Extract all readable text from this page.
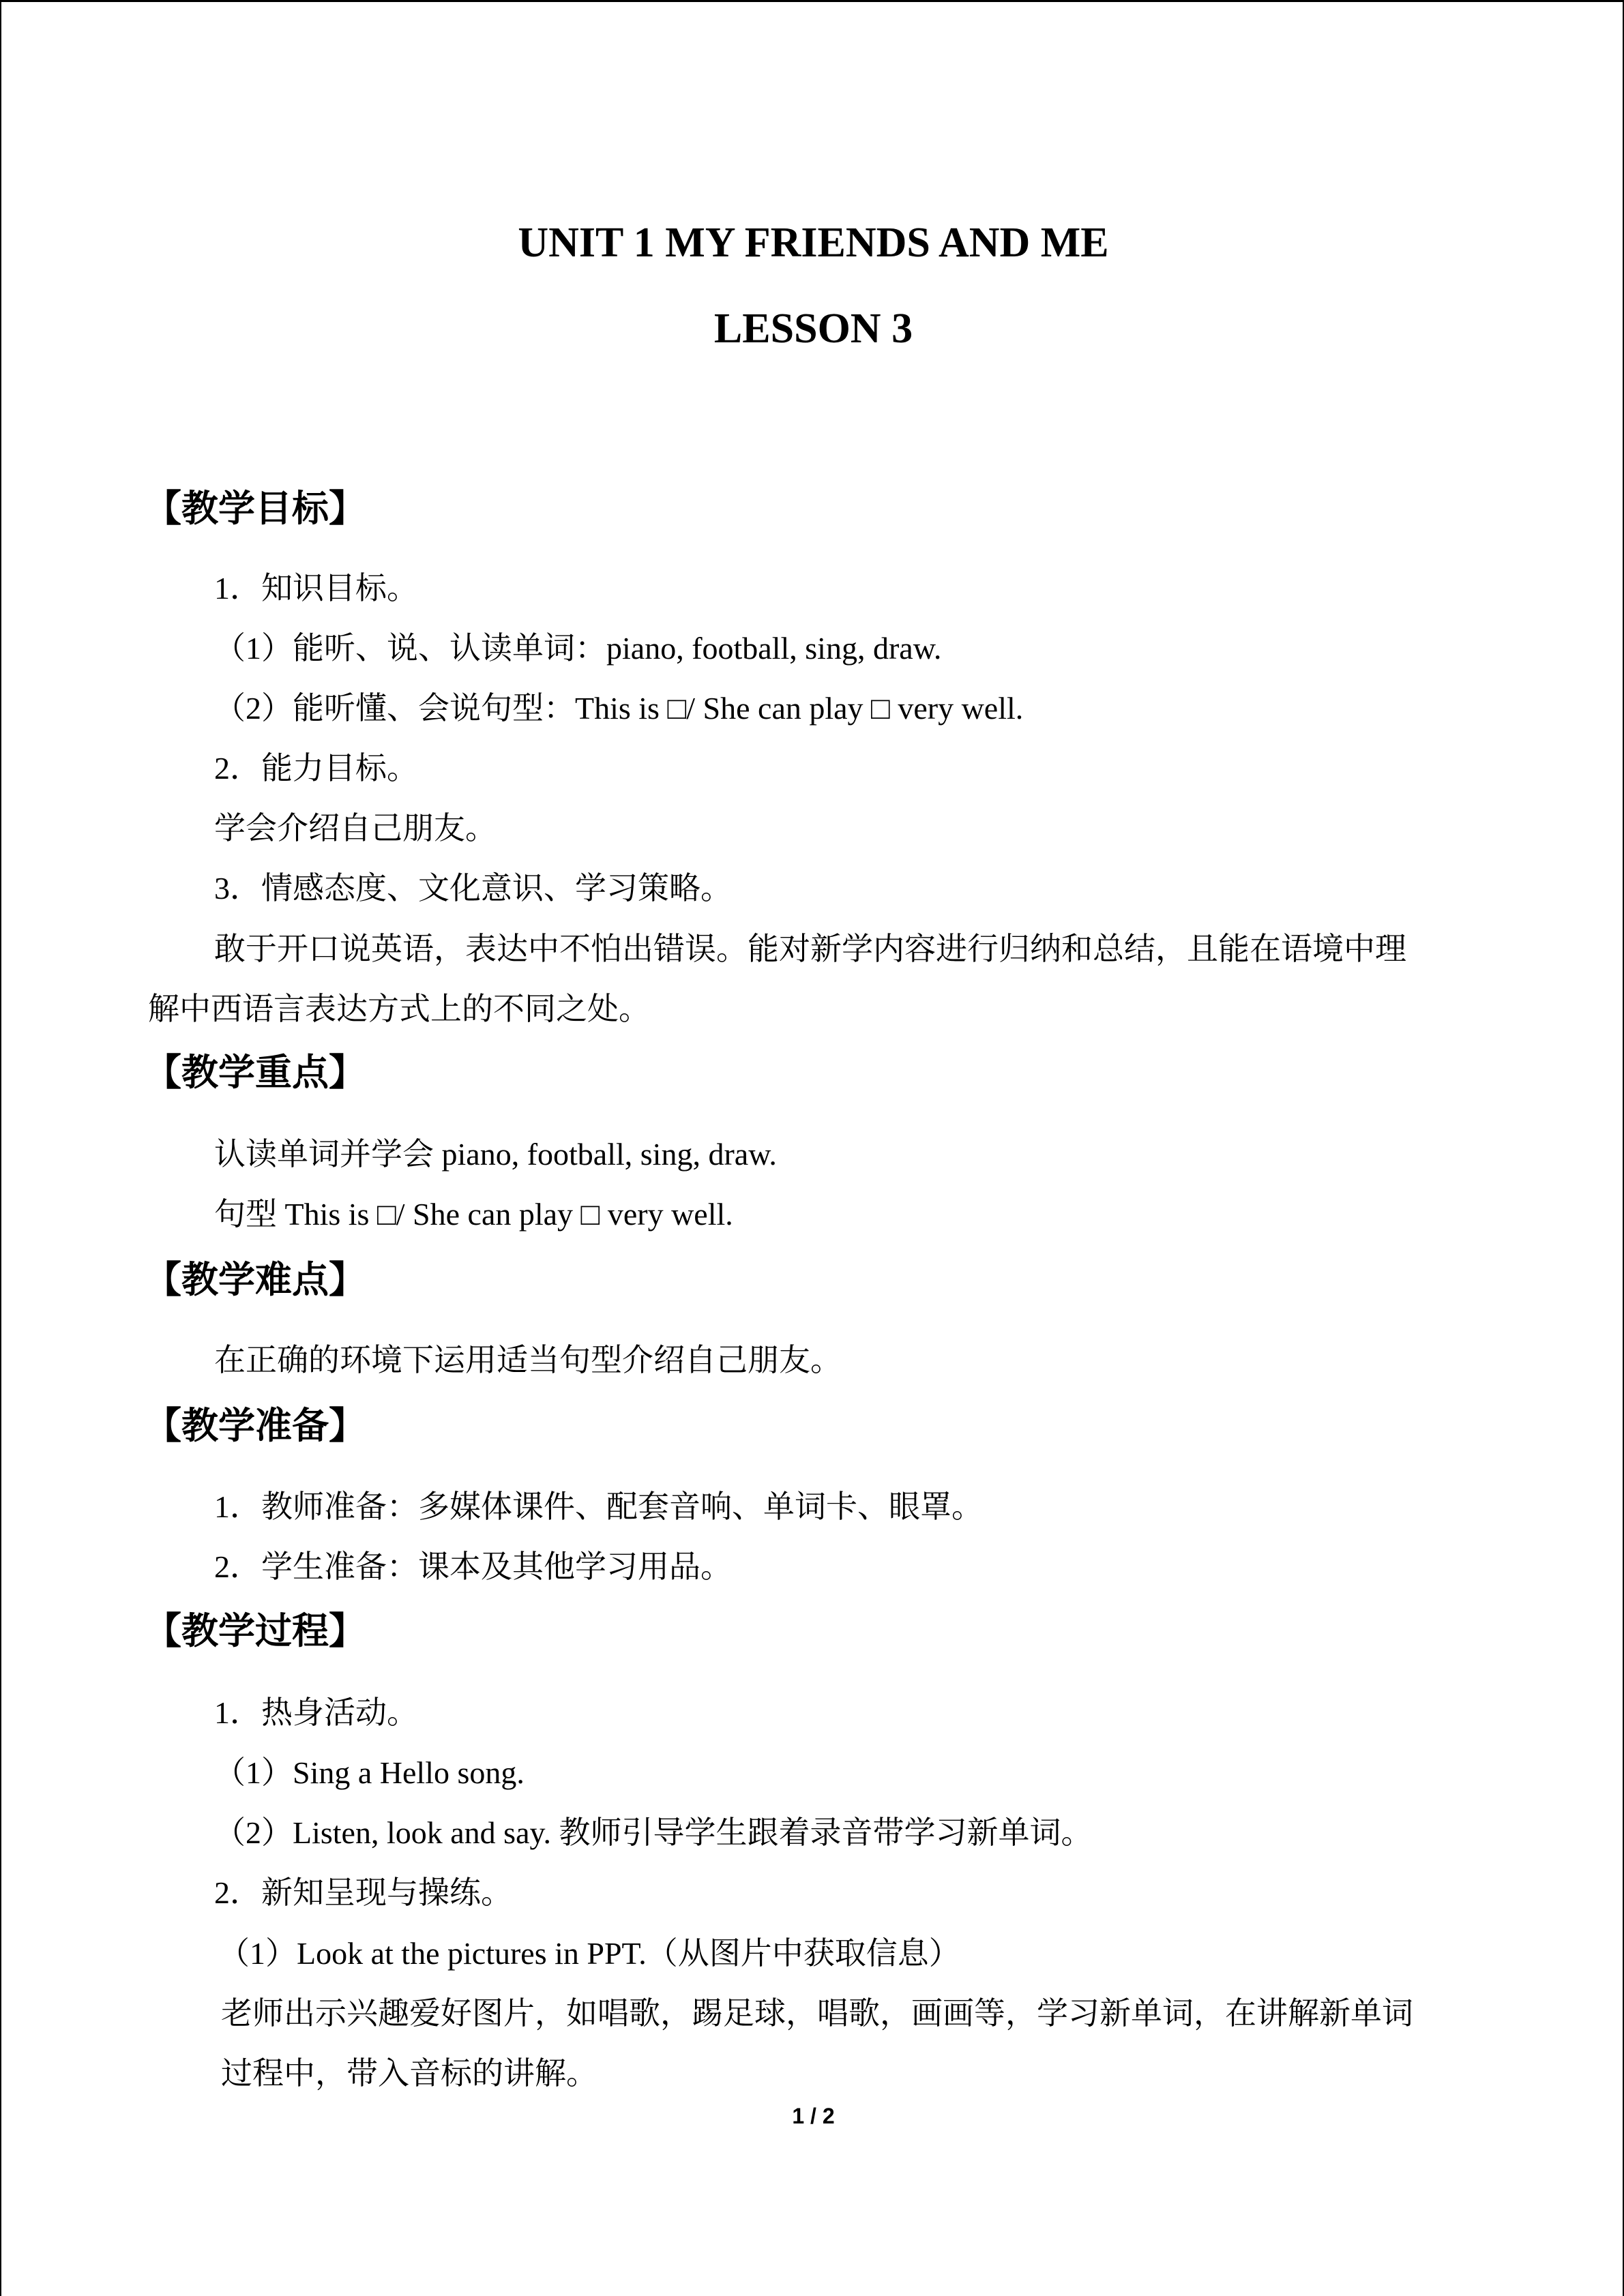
UNIT 1 MY FRIENDS AND ME
LESSON 3
【教学目标】
1．知识目标。
（1）能听、说、认读单词：piano, football, sing, draw.
（2）能听懂、会说句型：This is □/ She can play □ very well.
2．能力目标。
学会介绍自己朋友。
3．情感态度、文化意识、学习策略。
敢于开口说英语，表达中不怕出错误。能对新学内容进行归纳和总结，且能在语境中理
解中西语言表达方式上的不同之处。
【教学重点】
认读单词并学会 piano, football, sing, draw.
句型 This is □/ She can play □ very well.
【教学难点】
在正确的环境下运用适当句型介绍自己朋友。
【教学准备】
1．教师准备：多媒体课件、配套音响、单词卡、眼罩。
2．学生准备：课本及其他学习用品。
【教学过程】
1．热身活动。
（1）Sing a Hello song.
（2）Listen, look and say. 教师引导学生跟着录音带学习新单词。
2．新知呈现与操练。
（1）Look at the pictures in PPT.（从图片中获取信息）
老师出示兴趣爱好图片，如唱歌，踢足球，唱歌，画画等，学习新单词，在讲解新单词
过程中，带入音标的讲解。
1 / 2
